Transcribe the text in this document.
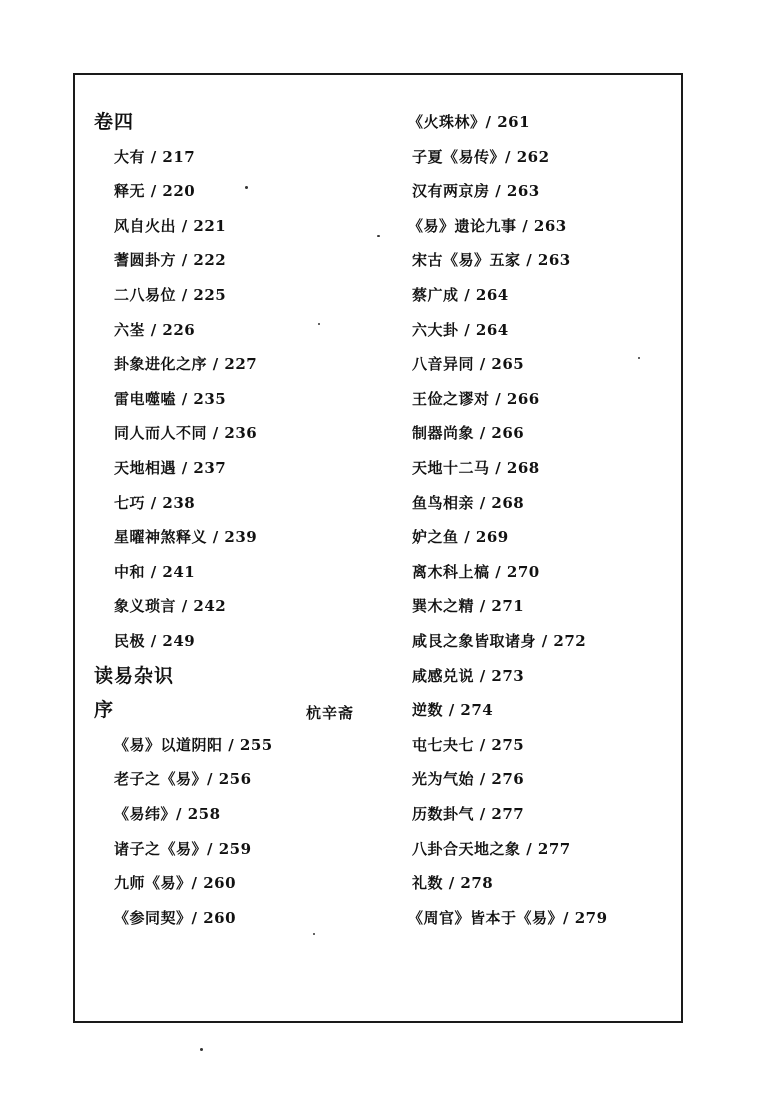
卷四
大有 / 217
释无 / 220
风自火出 / 221
蓍圆卦方 / 222
二八易位 / 225
六峑 / 226
卦象进化之序 / 227
雷电噬嗑 / 235
同人而人不同 / 236
天地相遇 / 237
七巧 / 238
星曜神煞释义 / 239
中和 / 241
象义琐言 / 242
民极 / 249
读易杂识
序
《易》以道阴阳 / 255
老子之《易》/ 256
《易纬》/ 258
诸子之《易》/ 259
九师《易》/ 260
《参同契》/ 260
《火珠林》/ 261
子夏《易传》/ 262
汉有两京房 / 263
《易》遗论九事 / 263
宋古《易》五家 / 263
蔡广成 / 264
六大卦 / 264
八音异同 / 265
王俭之谬对 / 266
制器尚象 / 266
天地十二马 / 268
鱼鸟相亲 / 268
妒之鱼 / 269
离木科上槁 / 270
巽木之精 / 271
咸艮之象皆取诸身 / 272
咸感兑说 / 273
逆数 / 274
屯七夬七 / 275
光为气始 / 276
历数卦气 / 277
八卦合天地之象 / 277
礼数 / 278
《周官》皆本于《易》/ 279
杭辛斋
